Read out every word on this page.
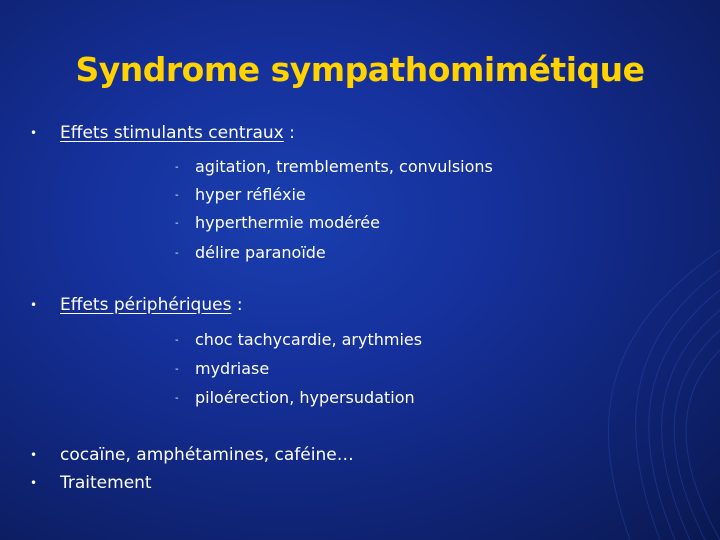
Syndrome sympathomimétique
• Effets stimulants centraux :
- agitation, tremblements, convulsions
- hyper réfléxie
- hyperthermie modérée
- délire paranoïde
• Effets périphériques :
- choc tachycardie, arythmies
- mydriase
- piloérection, hypersudation
• cocaïne, amphétamines, caféine…
• Traitement
